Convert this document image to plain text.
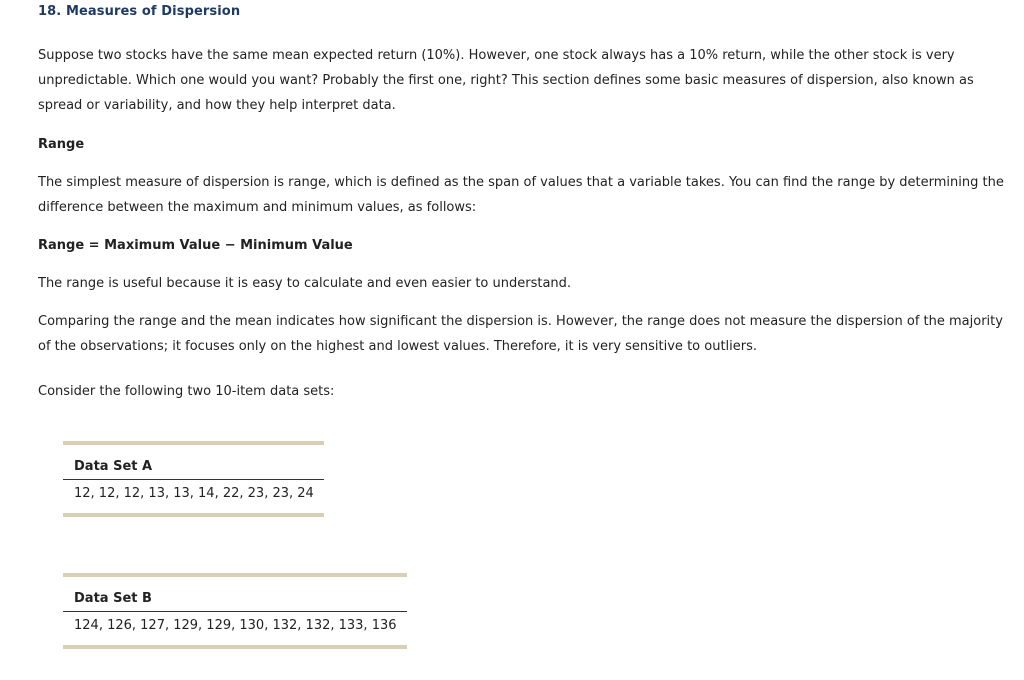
18. Measures of Dispersion

Suppose two stocks have the same mean expected return (10%). However, one stock always has a 10% return, while the other stock is very unpredictable. Which one would you want? Probably the first one, right? This section defines some basic measures of dispersion, also known as spread or variability, and how they help interpret data.

Range

The simplest measure of dispersion is range, which is defined as the span of values that a variable takes. You can find the range by determining the difference between the maximum and minimum values, as follows:

Range = Maximum Value − Minimum Value

The range is useful because it is easy to calculate and even easier to understand.

Comparing the range and the mean indicates how significant the dispersion is. However, the range does not measure the dispersion of the majority of the observations; it focuses only on the highest and lowest values. Therefore, it is very sensitive to outliers.

Consider the following two 10-item data sets:

Data Set A
12, 12, 12, 13, 13, 14, 22, 23, 23, 24
Data Set B
124, 126, 127, 129, 129, 130, 132, 132, 133, 136
